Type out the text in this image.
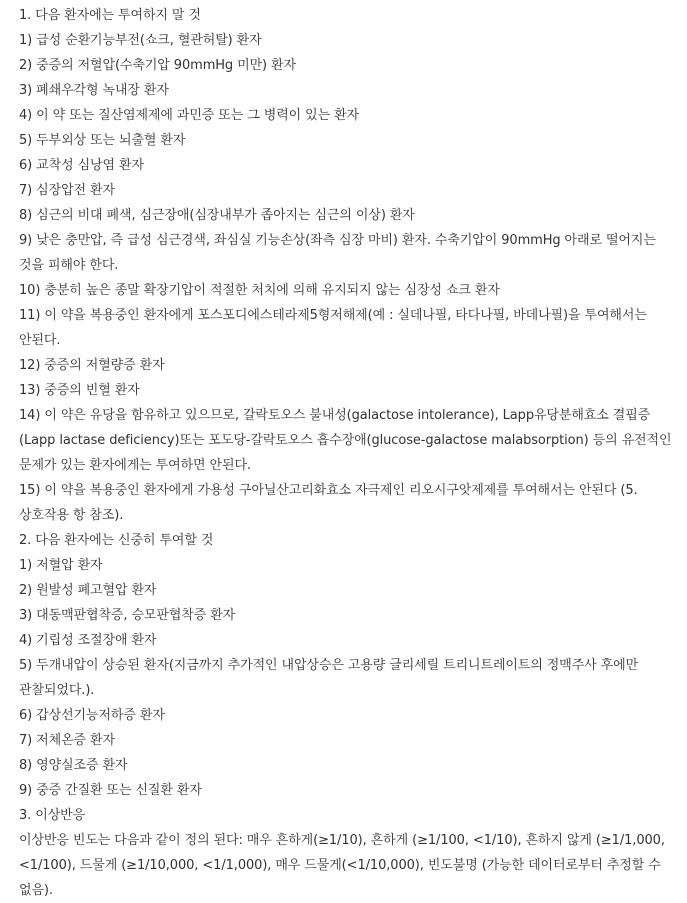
1. 다음 환자에는 투여하지 말 것
1) 급성 순환기능부전(쇼크, 혈관허탈) 환자
2) 중증의 저혈압(수축기압 90mmHg 미만) 환자
3) 폐쇄우각형 녹내장 환자
4) 이 약 또는 질산염제제에 과민증 또는 그 병력이 있는 환자
5) 두부외상 또는 뇌출혈 환자
6) 교착성 심낭염 환자
7) 심장압전 환자
8) 심근의 비대 폐색, 심근장애(심장내부가 좁아지는 심근의 이상) 환자
9) 낮은 충만압, 즉 급성 심근경색, 좌심실 기능손상(좌측 심장 마비) 환자. 수축기압이 90mmHg 아래로 떨어지는 것을 피해야 한다.
10) 충분히 높은 종말 확장기압이 적절한 처치에 의해 유지되지 않는 심장성 쇼크 환자
11) 이 약을 복용중인 환자에게 포스포디에스테라제5형저해제(예 : 실데나필, 타다나필, 바데나필)을 투여해서는 안된다.
12) 중증의 저혈량증 환자
13) 중증의 빈혈 환자
14) 이 약은 유당을 함유하고 있으므로, 갈락토오스 불내성(galactose intolerance), Lapp유당분해효소 결핍증(Lapp lactase deficiency)또는 포도당-갈락토오스 흡수장애(glucose-galactose malabsorption) 등의 유전적인 문제가 있는 환자에게는 투여하면 안된다.
15) 이 약을 복용중인 환자에게 가용성 구아닐산고리화효소 자극제인 리오시구앗제제를 투여해서는 안된다 (5. 상호작용 항 참조).
2. 다음 환자에는 신중히 투여할 것
1) 저혈압 환자
2) 원발성 폐고혈압 환자
3) 대동맥판협착증, 승모판협착증 환자
4) 기립성 조절장애 환자
5) 두개내압이 상승된 환자(지금까지 추가적인 내압상승은 고용량 글리세릴 트리니트레이트의 정맥주사 후에만 관찰되었다.).
6) 갑상선기능저하증 환자
7) 저체온증 환자
8) 영양실조증 환자
9) 중증 간질환 또는 신질환 환자
3. 이상반응
이상반응 빈도는 다음과 같이 정의 된다: 매우 흔하게(≥1/10), 흔하게 (≥1/100, <1/10), 흔하지 않게 (≥1/1,000, <1/100), 드물게 (≥1/10,000, <1/1,000), 매우 드물게(<1/10,000), 빈도불명 (가능한 데이터로부터 추정할 수 없음).
